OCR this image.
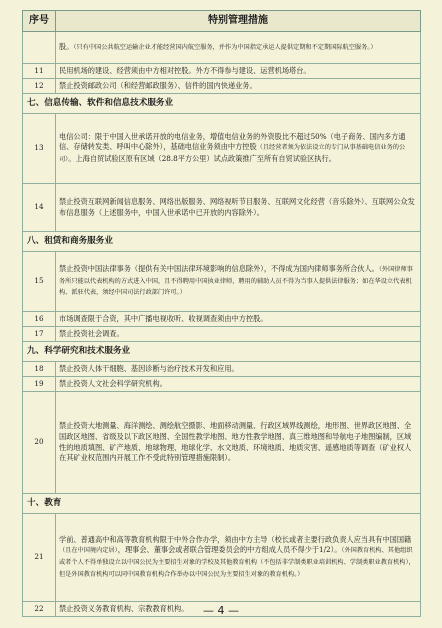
序号	特别管理措施
	股。（只有中国公共航空运输企业才能经营国内航空服务，并作为中国指定承运人提供定期和不定期国际航空服务。）
11	民用机场的建设、经营须由中方相对控股。外方不得参与建设、运营机场塔台。
12	禁止投资邮政公司（和经营邮政服务）、信件的国内快递业务。
七、信息传输、软件和信息技术服务业	
13	电信公司：限于中国入世承诺开放的电信业务，增值电信业务的外资股比不超过50%（电子商务、国内多方通信、存储转发类、呼叫中心除外），基础电信业务须由中方控股（且经营者须为依法设立的专门从事基础电信业务的公司）。上海自贸试验区原有区域（28.8平方公里）试点政策推广至所有自贸试验区执行。
14	禁止投资互联网新闻信息服务、网络出版服务、网络视听节目服务、互联网文化经营（音乐除外）、互联网公众发布信息服务（上述服务中，中国入世承诺中已开放的内容除外）。
八、租赁和商务服务业	
15	禁止投资中国法律事务（提供有关中国法律环境影响的信息除外），不得成为国内律师事务所合伙人。（外国律师事务所只能以代表机构的方式进入中国，且不得聘用中国执业律师，聘用的辅助人员不得为当事人提供法律服务；如在华设立代表机构、派驻代表，须经中国司法行政部门许可。）
16	市场调查限于合资，其中广播电视收听、收视调查须由中方控股。
17	禁止投资社会调查。
九、科学研究和技术服务业	
18	禁止投资人体干细胞、基因诊断与治疗技术开发和应用。
19	禁止投资人文社会科学研究机构。
20	禁止投资大地测量、海洋测绘、测绘航空摄影、地面移动测量、行政区域界线测绘，地形图、世界政区地图、全国政区地图、省级及以下政区地图、全国性教学地图、地方性教学地图、真三维地图和导航电子地图编制，区域性的地质填图、矿产地质、地球物理、地球化学、水文地质、环境地质、地质灾害、遥感地质等调查（矿业权人在其矿业权范围内开展工作不受此特别管理措施限制）。
十、教育	
21	学前、普通高中和高等教育机构限于中外合作办学，须由中方主导（校长或者主要行政负责人应当具有中国国籍（且在中国境内定居），理事会、董事会或者联合管理委员会的中方组成人员不得少于1/2）。（外国教育机构、其他组织或者个人不得单独设立以中国公民为主要招生对象的学校及其他教育机构（不包括非学制类职业培训机构、学制类职业教育机构），但是外国教育机构可以同中国教育机构合作举办以中国公民为主要招生对象的教育机构。）
22	禁止投资义务教育机构、宗教教育机构。	— 4 —
